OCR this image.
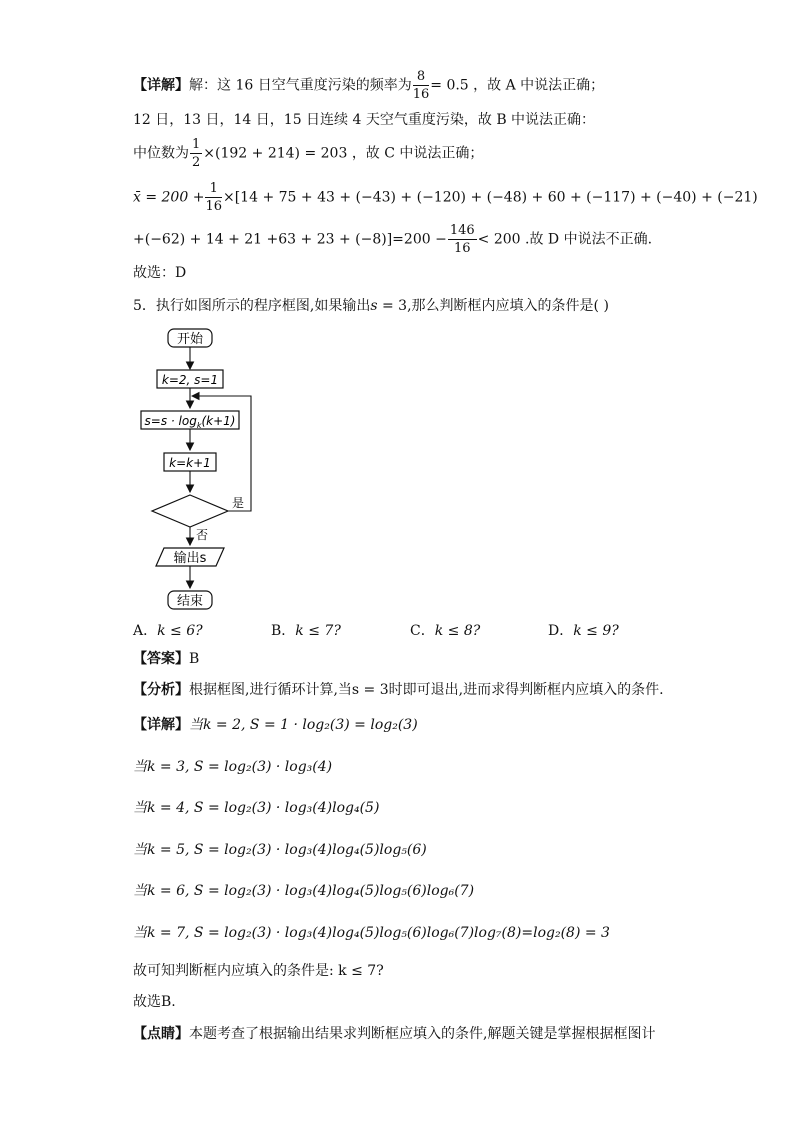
【详解】解：这 16 日空气重度污染的频率为 $\frac{8}{16} = 0.5$ ，故 A 中说法正确；
12 日，13 日，14 日，15 日连续 4 天空气重度污染，故 B 中说法正确：
中位数为 $\frac{1}{2} \times(192 + 214) = 203$ ，故 C 中说法正确；
x̄ = $200 + \frac{1}{16} \times[14 + 75 + 43 + (-43) + (-120) + (-48) + 60 + (-117) + (-40) + (-21)$
$+(-62) + 14 + 21 +63 + 23 + (-8)]=200 - \frac{146}{16} < 200$ .故 D 中说法不正确.
故选：D
5．执行如图所示的程序框图,如果输出s = 3,那么判断框内应填入的条件是( )
开始
k=2, s=1
$s=s \cdot \log_k(k+1)$
k=k+1
是
否
输出s
结束
A．k ≤ 6?	B．k ≤ 7?	C．k ≤ 8?	D．k ≤ 9?
【答案】B
【分析】根据框图,进行循环计算,当s = 3时即可退出,进而求得判断框内应填入的条件.
【详解】当k = 2, S = 1 · log₂(3) = log₂(3)
当k = 3, S = log₂(3) · log₃(4)
当k = 4, S = log₂(3) · log₃(4)log₄(5)
当k = 5, S = log₂(3) · log₃(4)log₄(5)log₅(6)
当k = 6, S = log₂(3) · log₃(4)log₄(5)log₅(6)log₆(7)
当k = 7, S = log₂(3) · log₃(4)log₄(5)log₅(6)log₆(7)log₇(8)=log₂(8) = 3
故可知判断框内应填入的条件是: k ≤ 7?
故选B.
【点睛】本题考查了根据输出结果求判断框应填入的条件,解题关键是掌握根据框图计
